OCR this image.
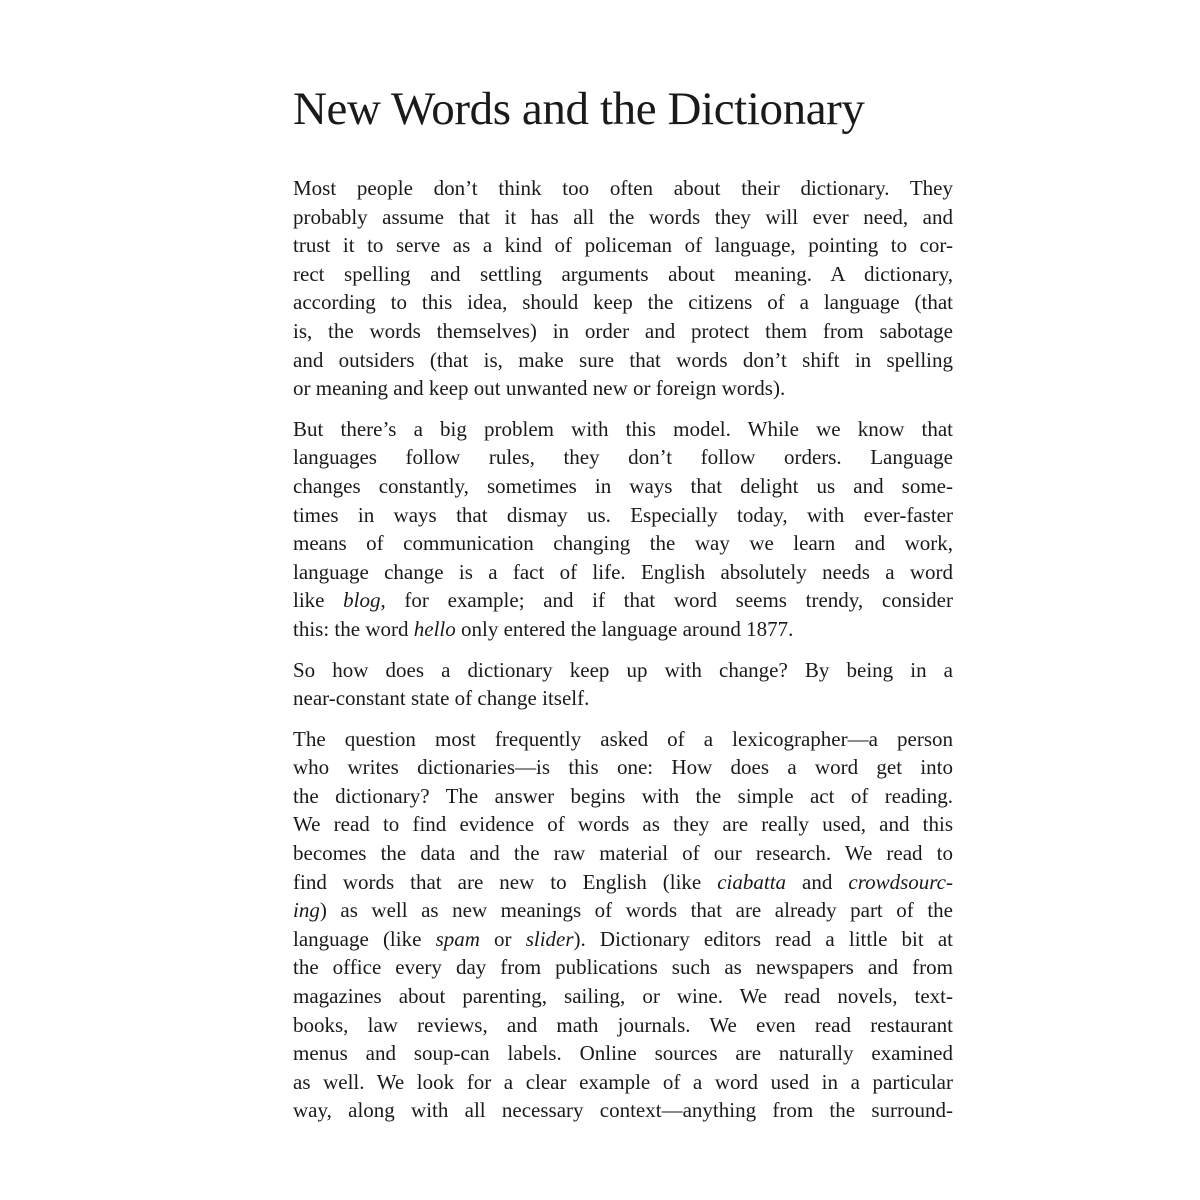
New Words and the Dictionary

Most people don’t think too often about their dictionary. They
probably assume that it has all the words they will ever need, and
trust it to serve as a kind of policeman of language, pointing to cor-
rect spelling and settling arguments about meaning. A dictionary,
according to this idea, should keep the citizens of a language (that
is, the words themselves) in order and protect them from sabotage
and outsiders (that is, make sure that words don’t shift in spelling
or meaning and keep out unwanted new or foreign words).

But there’s a big problem with this model. While we know that
languages follow rules, they don’t follow orders. Language
changes constantly, sometimes in ways that delight us and some-
times in ways that dismay us. Especially today, with ever-faster
means of communication changing the way we learn and work,
language change is a fact of life. English absolutely needs a word
like blog, for example; and if that word seems trendy, consider
this: the word hello only entered the language around 1877.

So how does a dictionary keep up with change? By being in a
near-constant state of change itself.

The question most frequently asked of a lexicographer—a person
who writes dictionaries—is this one: How does a word get into
the dictionary? The answer begins with the simple act of reading.
We read to find evidence of words as they are really used, and this
becomes the data and the raw material of our research. We read to
find words that are new to English (like ciabatta and crowdsourc-
ing) as well as new meanings of words that are already part of the
language (like spam or slider). Dictionary editors read a little bit at
the office every day from publications such as newspapers and from
magazines about parenting, sailing, or wine. We read novels, text-
books, law reviews, and math journals. We even read restaurant
menus and soup-can labels. Online sources are naturally examined
as well. We look for a clear example of a word used in a particular
way, along with all necessary context—anything from the surround-
